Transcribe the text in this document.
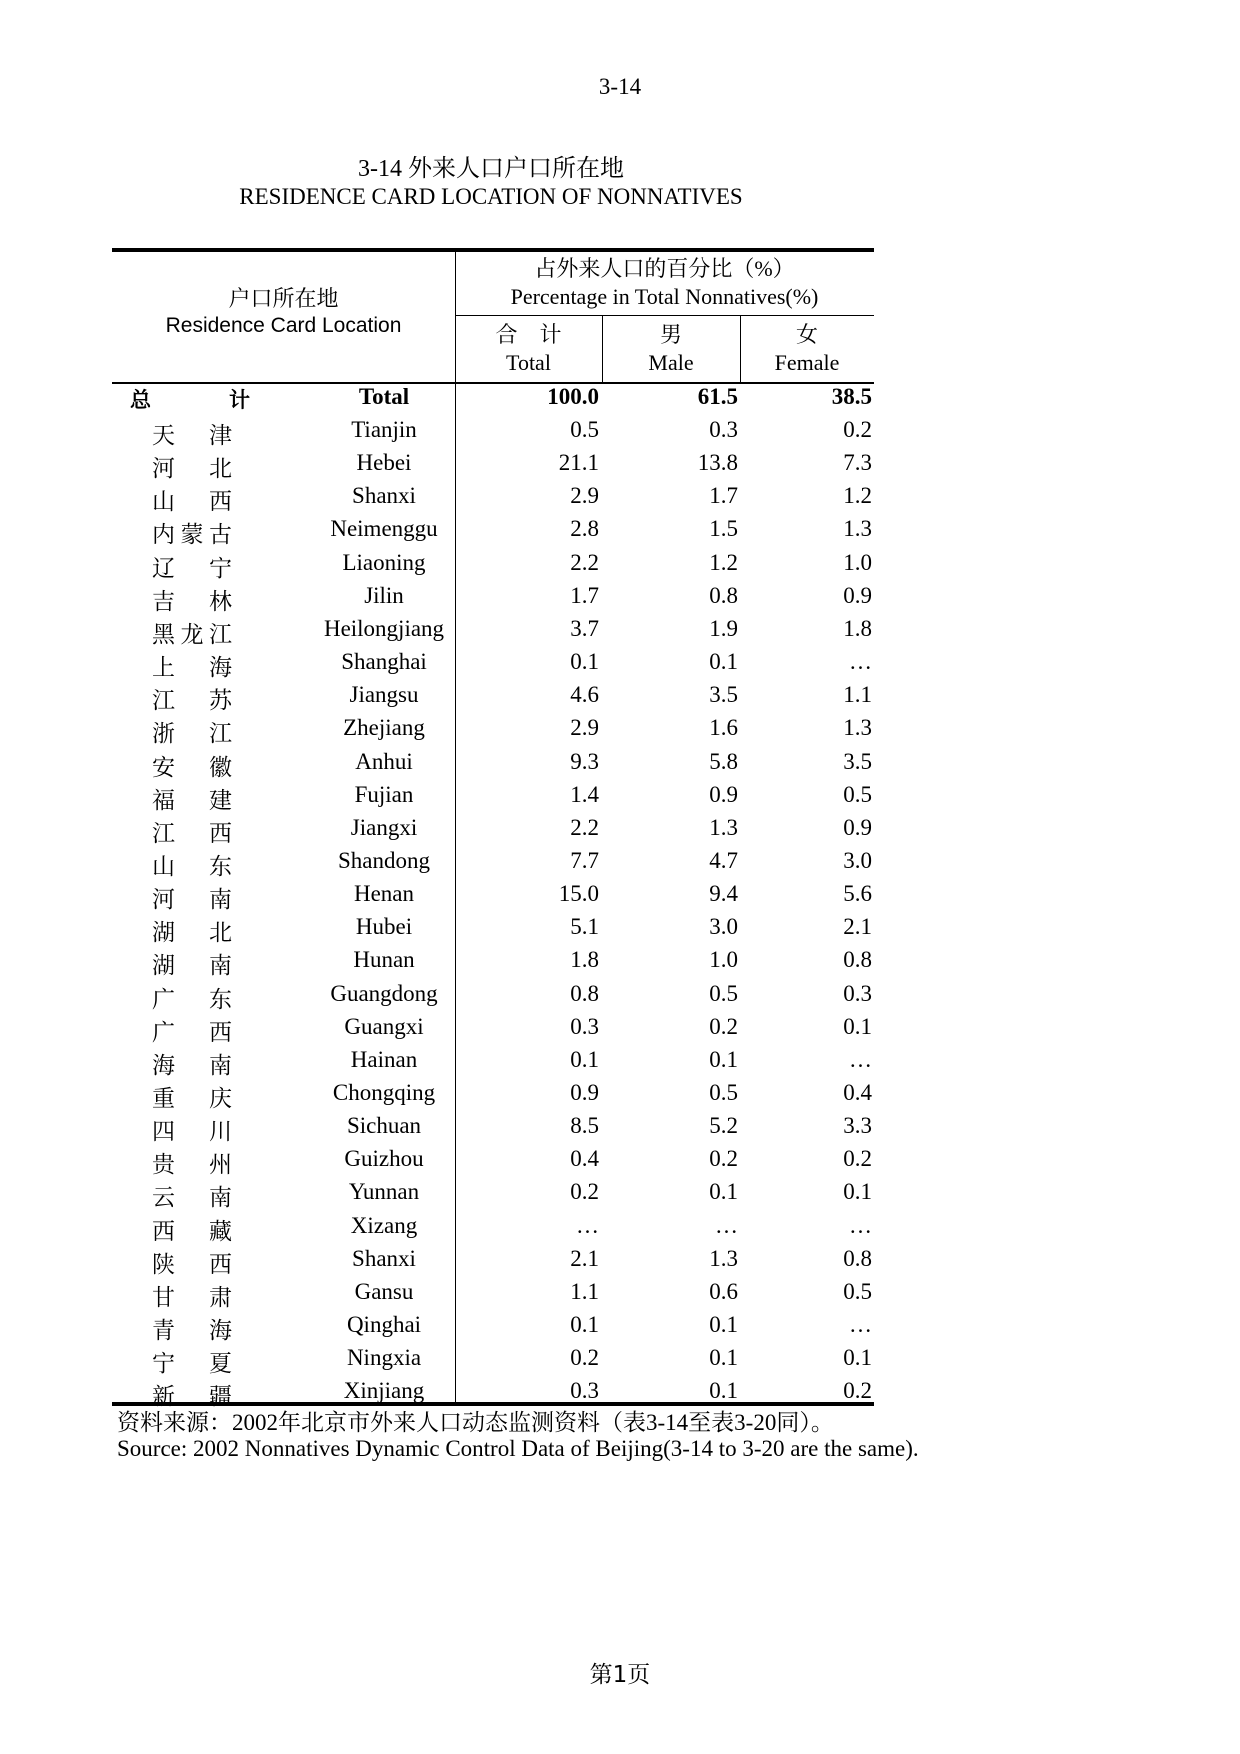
3-14
3-14 外来人口户口所在地
RESIDENCE CARD LOCATION OF NONNATIVES
户口所在地
Residence Card Location
占外来人口的百分比（%）
Percentage in Total Nonnatives(%)
合　计
Total
男
Male
女
Female
总计	Total	100.0	61.5	38.5
天津	Tianjin	0.5	0.3	0.2
河北	Hebei	21.1	13.8	7.3
山西	Shanxi	2.9	1.7	1.2
内蒙古	Neimenggu	2.8	1.5	1.3
辽宁	Liaoning	2.2	1.2	1.0
吉林	Jilin	1.7	0.8	0.9
黑龙江	Heilongjiang	3.7	1.9	1.8
上海	Shanghai	0.1	0.1	…
江苏	Jiangsu	4.6	3.5	1.1
浙江	Zhejiang	2.9	1.6	1.3
安徽	Anhui	9.3	5.8	3.5
福建	Fujian	1.4	0.9	0.5
江西	Jiangxi	2.2	1.3	0.9
山东	Shandong	7.7	4.7	3.0
河南	Henan	15.0	9.4	5.6
湖北	Hubei	5.1	3.0	2.1
湖南	Hunan	1.8	1.0	0.8
广东	Guangdong	0.8	0.5	0.3
广西	Guangxi	0.3	0.2	0.1
海南	Hainan	0.1	0.1	…
重庆	Chongqing	0.9	0.5	0.4
四川	Sichuan	8.5	5.2	3.3
贵州	Guizhou	0.4	0.2	0.2
云南	Yunnan	0.2	0.1	0.1
西藏	Xizang	…	…	…
陕西	Shanxi	2.1	1.3	0.8
甘肃	Gansu	1.1	0.6	0.5
青海	Qinghai	0.1	0.1	…
宁夏	Ningxia	0.2	0.1	0.1
新疆	Xinjiang	0.3	0.1	0.2
资料来源：2002年北京市外来人口动态监测资料（表3-14至表3-20同）。
Source: 2002 Nonnatives Dynamic Control Data of Beijing(3-14 to 3-20 are the same).
第1页
